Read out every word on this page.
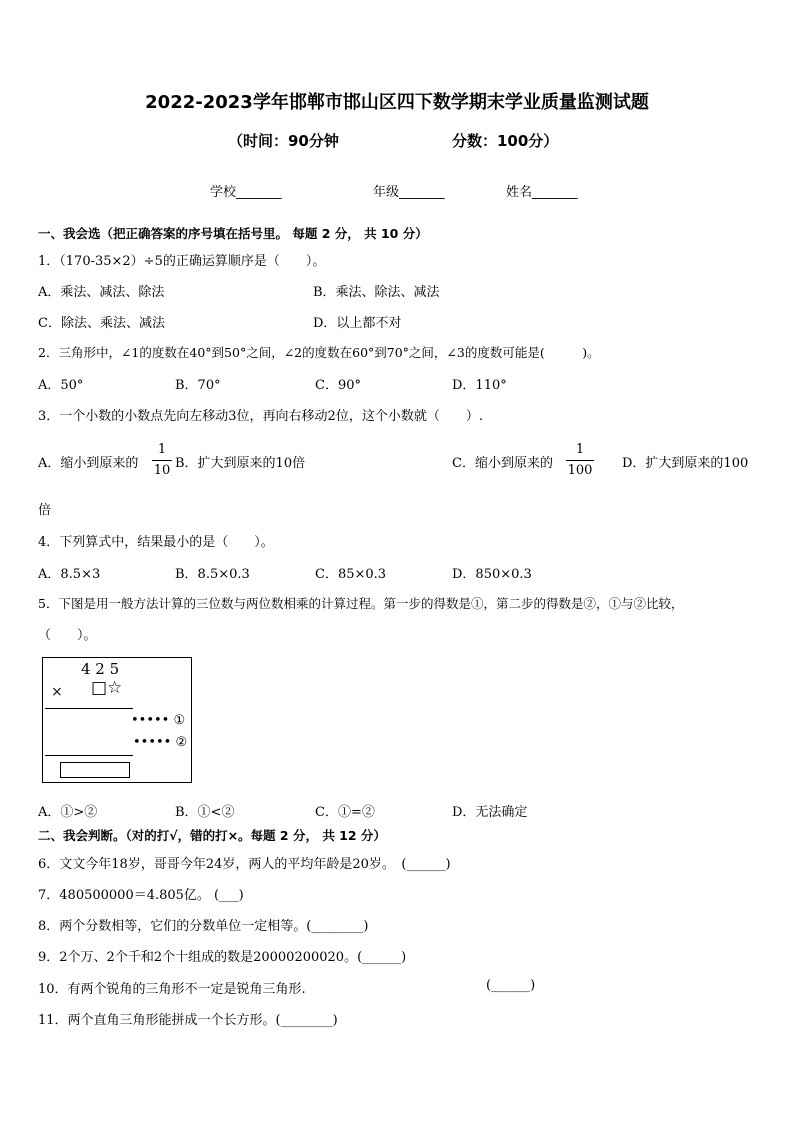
2022-2023学年邯郸市邯山区四下数学期末学业质量监测试题
（时间：90分钟	分数：100分）
学校_______	年级_______	姓名_______
一、我会选（把正确答案的序号填在括号里。 每题 2 分， 共 10 分）
1．（170-35×2）÷5的正确运算顺序是（　　）。
A．乘法、减法、除法	B．乘法、除法、减法
C．除法、乘法、减法	D．以上都不对
2．三角形中，∠1的度数在40°到50°之间，∠2的度数在60°到70°之间，∠3的度数可能是(　　　)。
A．50°	B．70°	C．90°	D．110°
3．一个小数的小数点先向左移动3位，再向右移动2位，这个小数就（　　）.
A．缩小到原来的
1
10 B．扩大到原来的10倍	C．缩小到原来的
1
100 D．扩大到原来的100
倍
4．下列算式中，结果最小的是（　　）。
A．8.5×3	B．8.5×0.3	C．85×0.3	D．850×0.3
5．下图是用一般方法计算的三位数与两位数相乘的计算过程。第一步的得数是①，第二步的得数是②，①与②比较，
（　　）。
4 2 5
× □☆
••••• ①
••••• ②
A．①>②	B．①<②	C．①=②	D．无法确定
二、我会判断。（对的打√，错的打×。每题 2 分， 共 12 分）
6．文文今年18岁，哥哥今年24岁，两人的平均年龄是20岁。　(______)
7．480500000＝4.805亿。 (___)
8．两个分数相等，它们的分数单位一定相等。(________)
9．2个万、2个千和2个十组成的数是20000200020。(______)
10．有两个锐角的三角形不一定是锐角三角形.	(______)
11．两个直角三角形能拼成一个长方形。(________)
